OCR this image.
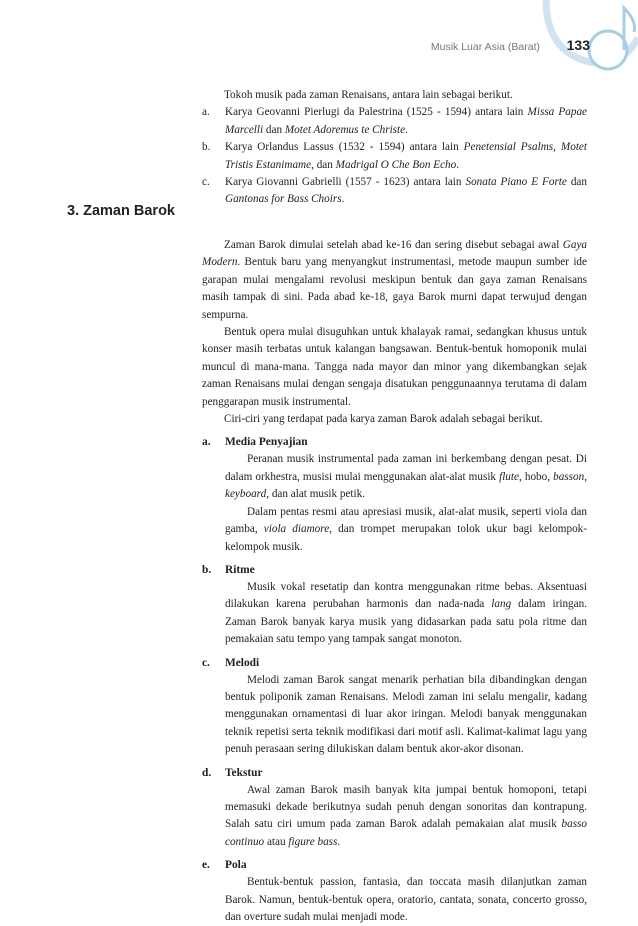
Musik Luar Asia (Barat) 133

Tokoh musik pada zaman Renaisans, antara lain sebagai berikut.

a.	Karya Geovanni Pierlugi da Palestrina (1525 - 1594) antara lain Missa Papae Marcelli dan Motet Adoremus te Christe.
b.	Karya Orlandus Lassus (1532 - 1594) antara lain Penetensial Psalms, Motet Tristis Estanimame, dan Madrigal O Che Bon Echo.
c.	Karya Giovanni Gabrielli (1557 - 1623) antara lain Sonata Piano E Forte dan Gantonas for Bass Choirs.
3. Zaman Barok

Zaman Barok dimulai setelah abad ke-16 dan sering disebut sebagai awal Gaya Modern. Bentuk baru yang menyangkut instrumentasi, metode maupun sumber ide garapan mulai mengalami revolusi meskipun bentuk dan gaya zaman Renaisans masih tampak di sini. Pada abad ke-18, gaya Barok murni dapat terwujud dengan sempurna.

Bentuk opera mulai disuguhkan untuk khalayak ramai, sedangkan khusus untuk konser masih terbatas untuk kalangan bangsawan. Bentuk-bentuk homoponik mulai muncul di mana-mana. Tangga nada mayor dan minor yang dikembangkan sejak zaman Renaisans mulai dengan sengaja disatukan penggunaannya terutama di dalam penggarapan musik instrumental.

Ciri-ciri yang terdapat pada karya zaman Barok adalah sebagai berikut.

a.	Media Penyajian

Peranan musik instrumental pada zaman ini berkembang dengan pesat. Di dalam orkhestra, musisi mulai menggunakan alat-alat musik flute, hobo, basson, keyboard, dan alat musik petik.

Dalam pentas resmi atau apresiasi musik, alat-alat musik, seperti viola dan gamba, viola diamore, dan trompet merupakan tolok ukur bagi kelompok-kelompok musik.

b.	Ritme

Musik vokal resetatip dan kontra menggunakan ritme bebas. Aksentuasi dilakukan karena perubahan harmonis dan nada-nada lang dalam iringan. Zaman Barok banyak karya musik yang didasarkan pada satu pola ritme dan pemakaian satu tempo yang tampak sangat monoton.

c.	Melodi

Melodi zaman Barok sangat menarik perhatian bila dibandingkan dengan bentuk poliponik zaman Renaisans. Melodi zaman ini selalu mengalir, kadang menggunakan ornamentasi di luar akor iringan. Melodi banyak menggunakan teknik repetisi serta teknik modifikasi dari motif asli. Kalimat-kalimat lagu yang penuh perasaan sering dilukiskan dalam bentuk akor-akor disonan.

d.	Tekstur

Awal zaman Barok masih banyak kita jumpai bentuk homoponi, tetapi memasuki dekade berikutnya sudah penuh dengan sonoritas dan kontrapung. Salah satu ciri umum pada zaman Barok adalah pemakaian alat musik basso continuo atau figure bass.

e.	Pola

Bentuk-bentuk passion, fantasia, dan toccata masih dilanjutkan zaman Barok. Namun, bentuk-bentuk opera, oratorio, cantata, sonata, concerto grosso, dan overture sudah mulai menjadi mode.
